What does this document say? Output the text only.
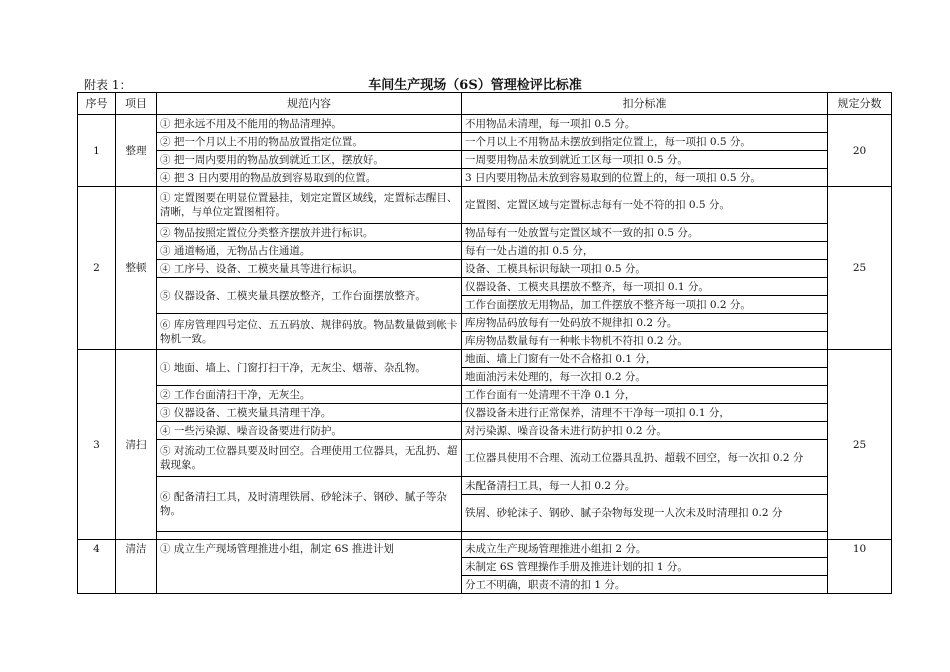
附表 1：	车间生产现场（6S）管理检评比标准
序号	项目	规范内容	扣分标准	规定分数
1	整理	① 把永远不用及不能用的物品清理掉。	不用物品未清理，每一项扣 0.5 分。	20
		② 把一个月以上不用的物品放置指定位置。	一个月以上不用物品未摆放到指定位置上，每一项扣 0.5 分。	
		③ 把一周内要用的物品放到就近工区，摆放好。	一周要用物品未放到就近工区每一项扣 0.5 分。	
		④ 把 3 日内要用的物品放到容易取到的位置。	3 日内要用物品未放到容易取到的位置上的，每一项扣 0.5 分。	
2	整顿	① 定置图要在明显位置悬挂，划定定置区域线，定置标志醒目、清晰，与单位定置图相符。	定置图、定置区域与定置标志每有一处不符的扣 0.5 分。	25
		② 物品按照定置位分类整齐摆放并进行标识。	物品每有一处放置与定置区域不一致的扣 0.5 分。	
		③ 通道畅通，无物品占住通道。	每有一处占道的扣 0.5 分，	
		④ 工序号、设备、工模夹量具等进行标识。	设备、工模具标识每缺一项扣 0.5 分。	
		⑤ 仪器设备、工模夹量具摆放整齐，工作台面摆放整齐。	仪器设备、工模夹具摆放不整齐，每一项扣 0.1 分。	
			工作台面摆放无用物品，加工件摆放不整齐每一项扣 0.2 分。	
		⑥ 库房管理四号定位、五五码放、规律码放。物品数量做到帐卡物机一致。	库房物品码放每有一处码放不规律扣 0.2 分。	
			库房物品数量每有一种帐卡物机不符扣 0.2 分。	
3	清扫	① 地面、墙上、门窗打扫干净，无灰尘、烟蒂、杂乱物。	地面、墙上门窗有一处不合格扣 0.1 分，	25
			地面油污未处理的，每一次扣 0.2 分。	
		② 工作台面清扫干净，无灰尘。	工作台面有一处清理不干净 0.1 分，	
		③ 仪器设备、工模夹量具清理干净。	仪器设备未进行正常保养，清理不干净每一项扣 0.1 分，	
		④ 一些污染源、噪音设备要进行防护。	对污染源、噪音设备未进行防护扣 0.2 分。	
		⑤ 对流动工位器具要及时回空。合理使用工位器具，无乱扔、超载现象。	工位器具使用不合理、流动工位器具乱扔、超载不回空，每一次扣 0.2 分	
		⑥ 配备清扫工具，及时清理铁屑、砂轮沫子、钢砂、腻子等杂物。	未配备清扫工具，每一人扣 0.2 分。	
			铁屑、砂轮沫子、钢砂、腻子杂物每发现一人次未及时清理扣 0.2 分	

4	清洁	① 成立生产现场管理推进小组，制定 6S 推进计划	未成立生产现场管理推进小组扣 2 分。	10
			未制定 6S 管理操作手册及推进计划的扣 1 分。	
			分工不明确，职责不清的扣 1 分。	
